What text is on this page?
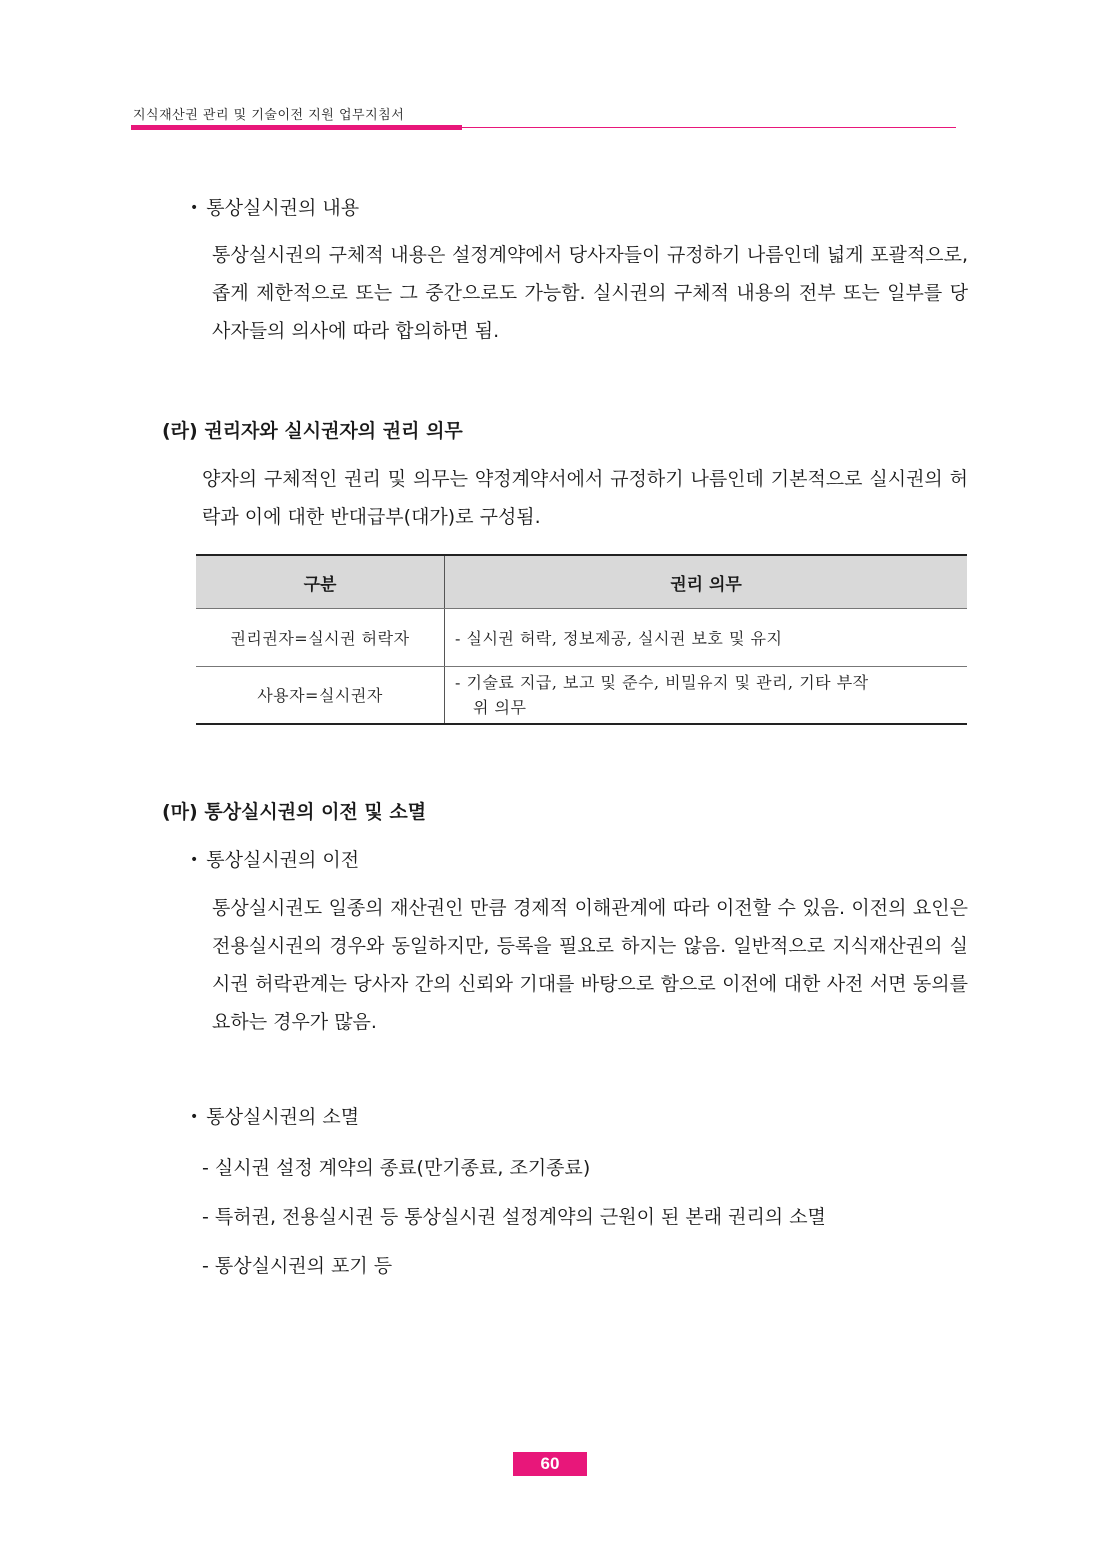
지식재산권 관리 및 기술이전 지원 업무지침서
• 통상실시권의 내용
통상실시권의 구체적 내용은 설정계약에서 당사자들이 규정하기 나름인데 넓게 포괄적으로, 좁게 제한적으로 또는 그 중간으로도 가능함. 실시권의 구체적 내용의 전부 또는 일부를 당사자들의 의사에 따라 합의하면 됨.
(라) 권리자와 실시권자의 권리 의무
양자의 구체적인 권리 및 의무는 약정계약서에서 규정하기 나름인데 기본적으로 실시권의 허락과 이에 대한 반대급부(대가)로 구성됨.
구분	권리 의무
권리권자=실시권 허락자	- 실시권 허락, 정보제공, 실시권 보호 및 유지
사용자=실시권자	- 기술료 지급, 보고 및 준수, 비밀유지 및 관리, 기타 부작
위 의무
(마) 통상실시권의 이전 및 소멸
• 통상실시권의 이전
통상실시권도 일종의 재산권인 만큼 경제적 이해관계에 따라 이전할 수 있음. 이전의 요인은 전용실시권의 경우와 동일하지만, 등록을 필요로 하지는 않음. 일반적으로 지식재산권의 실시권 허락관계는 당사자 간의 신뢰와 기대를 바탕으로 함으로 이전에 대한 사전 서면 동의를 요하는 경우가 많음.
• 통상실시권의 소멸
- 실시권 설정 계약의 종료(만기종료, 조기종료)
- 특허권, 전용실시권 등 통상실시권 설정계약의 근원이 된 본래 권리의 소멸
- 통상실시권의 포기 등
60
